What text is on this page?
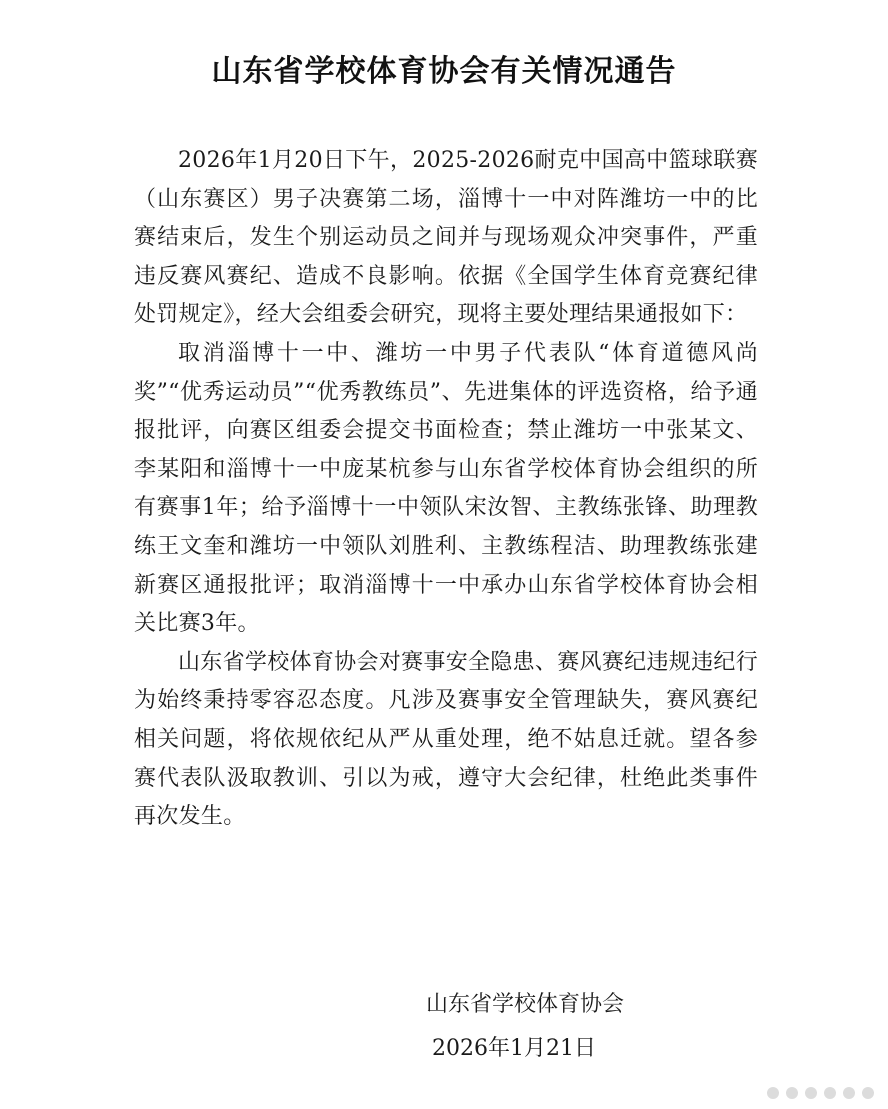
山东省学校体育协会有关情况通告

2026年1月20日下午，2025-2026耐克中国高中篮球联赛（山东赛区）男子决赛第二场，淄博十一中对阵潍坊一中的比赛结束后，发生个别运动员之间并与现场观众冲突事件，严重违反赛风赛纪、造成不良影响。依据《全国学生体育竞赛纪律处罚规定》，经大会组委会研究，现将主要处理结果通报如下：

取消淄博十一中、潍坊一中男子代表队“体育道德风尚奖”“优秀运动员”“优秀教练员”、先进集体的评选资格，给予通报批评，向赛区组委会提交书面检查；禁止潍坊一中张某文、李某阳和淄博十一中庞某杭参与山东省学校体育协会组织的所有赛事1年；给予淄博十一中领队宋汝智、主教练张锋、助理教练王文奎和潍坊一中领队刘胜利、主教练程洁、助理教练张建新赛区通报批评；取消淄博十一中承办山东省学校体育协会相关比赛3年。

山东省学校体育协会对赛事安全隐患、赛风赛纪违规违纪行为始终秉持零容忍态度。凡涉及赛事安全管理缺失，赛风赛纪相关问题，将依规依纪从严从重处理，绝不姑息迁就。望各参赛代表队汲取教训、引以为戒，遵守大会纪律，杜绝此类事件再次发生。

山东省学校体育协会
2026年1月21日
